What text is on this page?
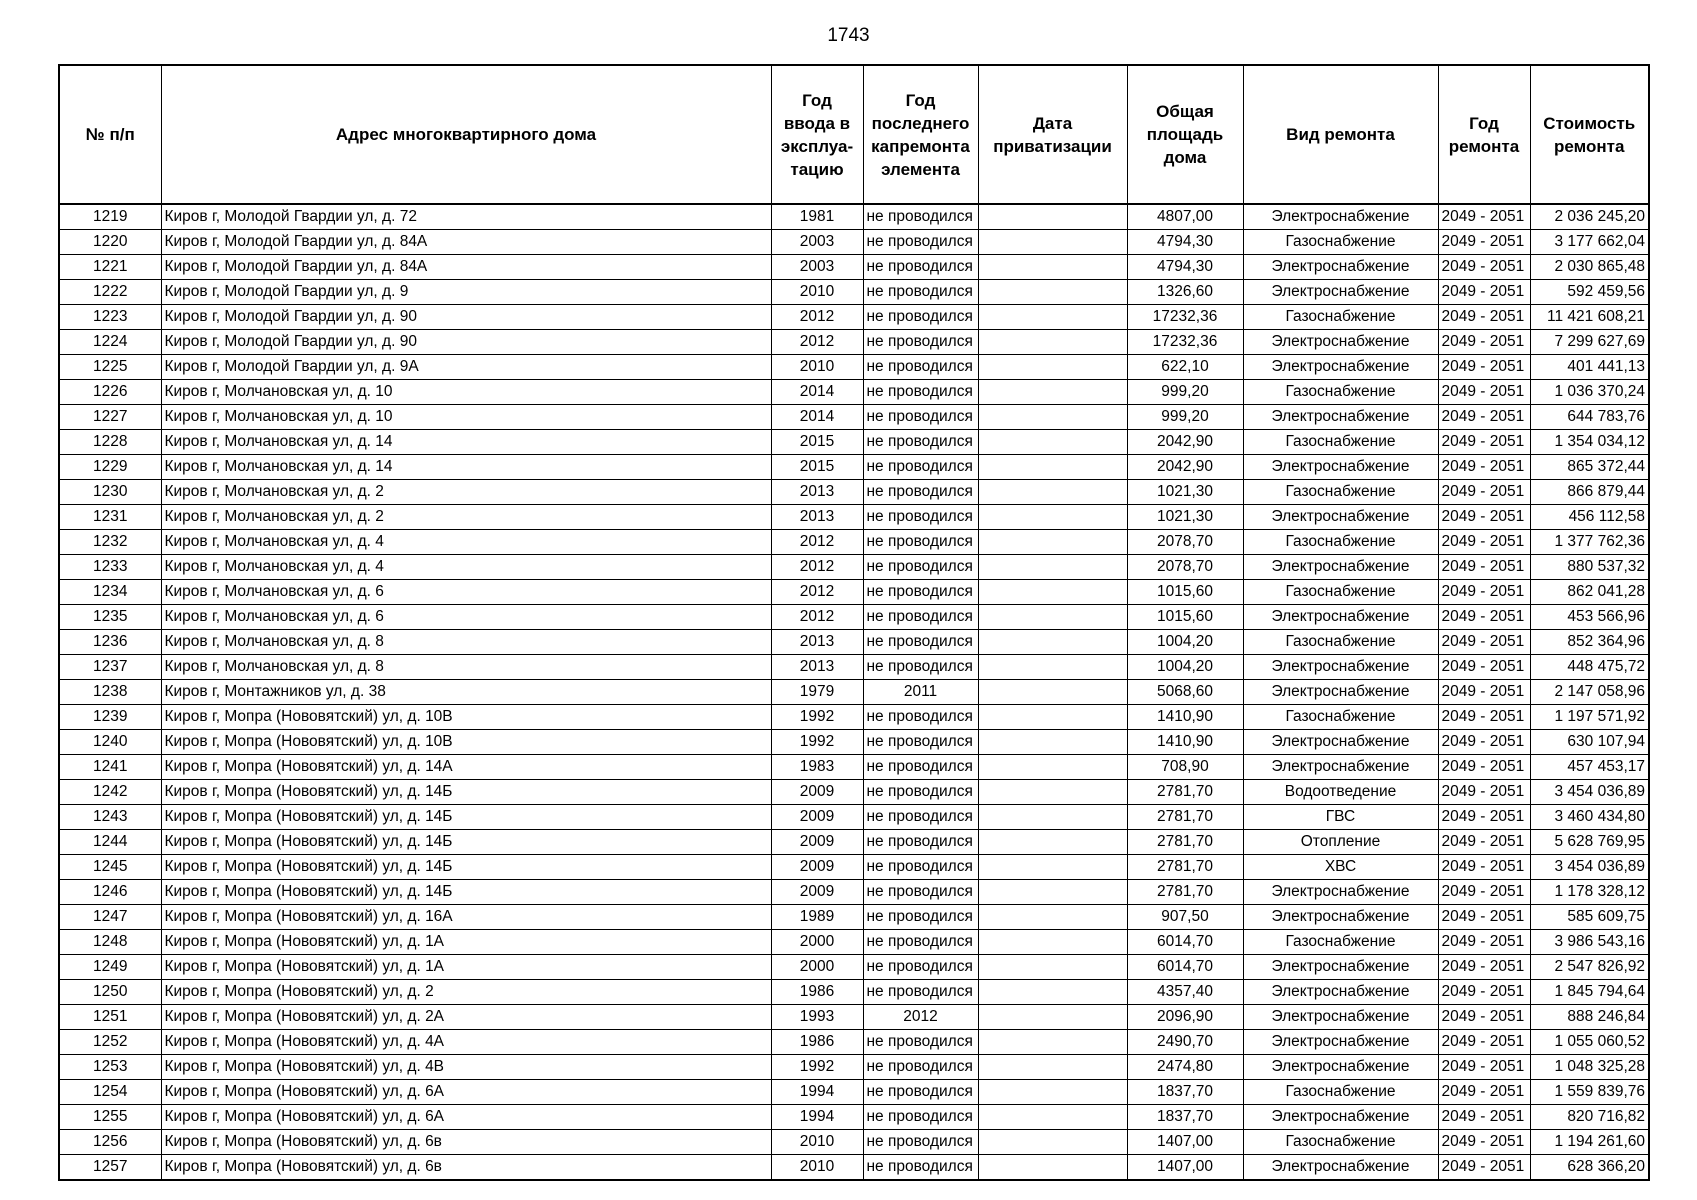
1743
№ п/п	Адрес многоквартирного дома	Год ввода в эксплуа-тацию	Год последнего капремонта элемента	Дата приватизации	Общая площадь дома	Вид ремонта	Год ремонта	Стоимость ремонта
1219	Киров г, Молодой Гвардии ул, д. 72	1981	не проводился		4807,00	Электроснабжение	2049 - 2051	2 036 245,20
1220	Киров г, Молодой Гвардии ул, д. 84А	2003	не проводился		4794,30	Газоснабжение	2049 - 2051	3 177 662,04
1221	Киров г, Молодой Гвардии ул, д. 84А	2003	не проводился		4794,30	Электроснабжение	2049 - 2051	2 030 865,48
1222	Киров г, Молодой Гвардии ул, д. 9	2010	не проводился		1326,60	Электроснабжение	2049 - 2051	592 459,56
1223	Киров г, Молодой Гвардии ул, д. 90	2012	не проводился		17232,36	Газоснабжение	2049 - 2051	11 421 608,21
1224	Киров г, Молодой Гвардии ул, д. 90	2012	не проводился		17232,36	Электроснабжение	2049 - 2051	7 299 627,69
1225	Киров г, Молодой Гвардии ул, д. 9А	2010	не проводился		622,10	Электроснабжение	2049 - 2051	401 441,13
1226	Киров г, Молчановская ул, д. 10	2014	не проводился		999,20	Газоснабжение	2049 - 2051	1 036 370,24
1227	Киров г, Молчановская ул, д. 10	2014	не проводился		999,20	Электроснабжение	2049 - 2051	644 783,76
1228	Киров г, Молчановская ул, д. 14	2015	не проводился		2042,90	Газоснабжение	2049 - 2051	1 354 034,12
1229	Киров г, Молчановская ул, д. 14	2015	не проводился		2042,90	Электроснабжение	2049 - 2051	865 372,44
1230	Киров г, Молчановская ул, д. 2	2013	не проводился		1021,30	Газоснабжение	2049 - 2051	866 879,44
1231	Киров г, Молчановская ул, д. 2	2013	не проводился		1021,30	Электроснабжение	2049 - 2051	456 112,58
1232	Киров г, Молчановская ул, д. 4	2012	не проводился		2078,70	Газоснабжение	2049 - 2051	1 377 762,36
1233	Киров г, Молчановская ул, д. 4	2012	не проводился		2078,70	Электроснабжение	2049 - 2051	880 537,32
1234	Киров г, Молчановская ул, д. 6	2012	не проводился		1015,60	Газоснабжение	2049 - 2051	862 041,28
1235	Киров г, Молчановская ул, д. 6	2012	не проводился		1015,60	Электроснабжение	2049 - 2051	453 566,96
1236	Киров г, Молчановская ул, д. 8	2013	не проводился		1004,20	Газоснабжение	2049 - 2051	852 364,96
1237	Киров г, Молчановская ул, д. 8	2013	не проводился		1004,20	Электроснабжение	2049 - 2051	448 475,72
1238	Киров г, Монтажников ул, д. 38	1979	2011		5068,60	Электроснабжение	2049 - 2051	2 147 058,96
1239	Киров г, Мопра (Нововятский) ул, д. 10В	1992	не проводился		1410,90	Газоснабжение	2049 - 2051	1 197 571,92
1240	Киров г, Мопра (Нововятский) ул, д. 10В	1992	не проводился		1410,90	Электроснабжение	2049 - 2051	630 107,94
1241	Киров г, Мопра (Нововятский) ул, д. 14А	1983	не проводился		708,90	Электроснабжение	2049 - 2051	457 453,17
1242	Киров г, Мопра (Нововятский) ул, д. 14Б	2009	не проводился		2781,70	Водоотведение	2049 - 2051	3 454 036,89
1243	Киров г, Мопра (Нововятский) ул, д. 14Б	2009	не проводился		2781,70	ГВС	2049 - 2051	3 460 434,80
1244	Киров г, Мопра (Нововятский) ул, д. 14Б	2009	не проводился		2781,70	Отопление	2049 - 2051	5 628 769,95
1245	Киров г, Мопра (Нововятский) ул, д. 14Б	2009	не проводился		2781,70	ХВС	2049 - 2051	3 454 036,89
1246	Киров г, Мопра (Нововятский) ул, д. 14Б	2009	не проводился		2781,70	Электроснабжение	2049 - 2051	1 178 328,12
1247	Киров г, Мопра (Нововятский) ул, д. 16А	1989	не проводился		907,50	Электроснабжение	2049 - 2051	585 609,75
1248	Киров г, Мопра (Нововятский) ул, д. 1А	2000	не проводился		6014,70	Газоснабжение	2049 - 2051	3 986 543,16
1249	Киров г, Мопра (Нововятский) ул, д. 1А	2000	не проводился		6014,70	Электроснабжение	2049 - 2051	2 547 826,92
1250	Киров г, Мопра (Нововятский) ул, д. 2	1986	не проводился		4357,40	Электроснабжение	2049 - 2051	1 845 794,64
1251	Киров г, Мопра (Нововятский) ул, д. 2А	1993	2012		2096,90	Электроснабжение	2049 - 2051	888 246,84
1252	Киров г, Мопра (Нововятский) ул, д. 4А	1986	не проводился		2490,70	Электроснабжение	2049 - 2051	1 055 060,52
1253	Киров г, Мопра (Нововятский) ул, д. 4В	1992	не проводился		2474,80	Электроснабжение	2049 - 2051	1 048 325,28
1254	Киров г, Мопра (Нововятский) ул, д. 6А	1994	не проводился		1837,70	Газоснабжение	2049 - 2051	1 559 839,76
1255	Киров г, Мопра (Нововятский) ул, д. 6А	1994	не проводился		1837,70	Электроснабжение	2049 - 2051	820 716,82
1256	Киров г, Мопра (Нововятский) ул, д. 6в	2010	не проводился		1407,00	Газоснабжение	2049 - 2051	1 194 261,60
1257	Киров г, Мопра (Нововятский) ул, д. 6в	2010	не проводился		1407,00	Электроснабжение	2049 - 2051	628 366,20
